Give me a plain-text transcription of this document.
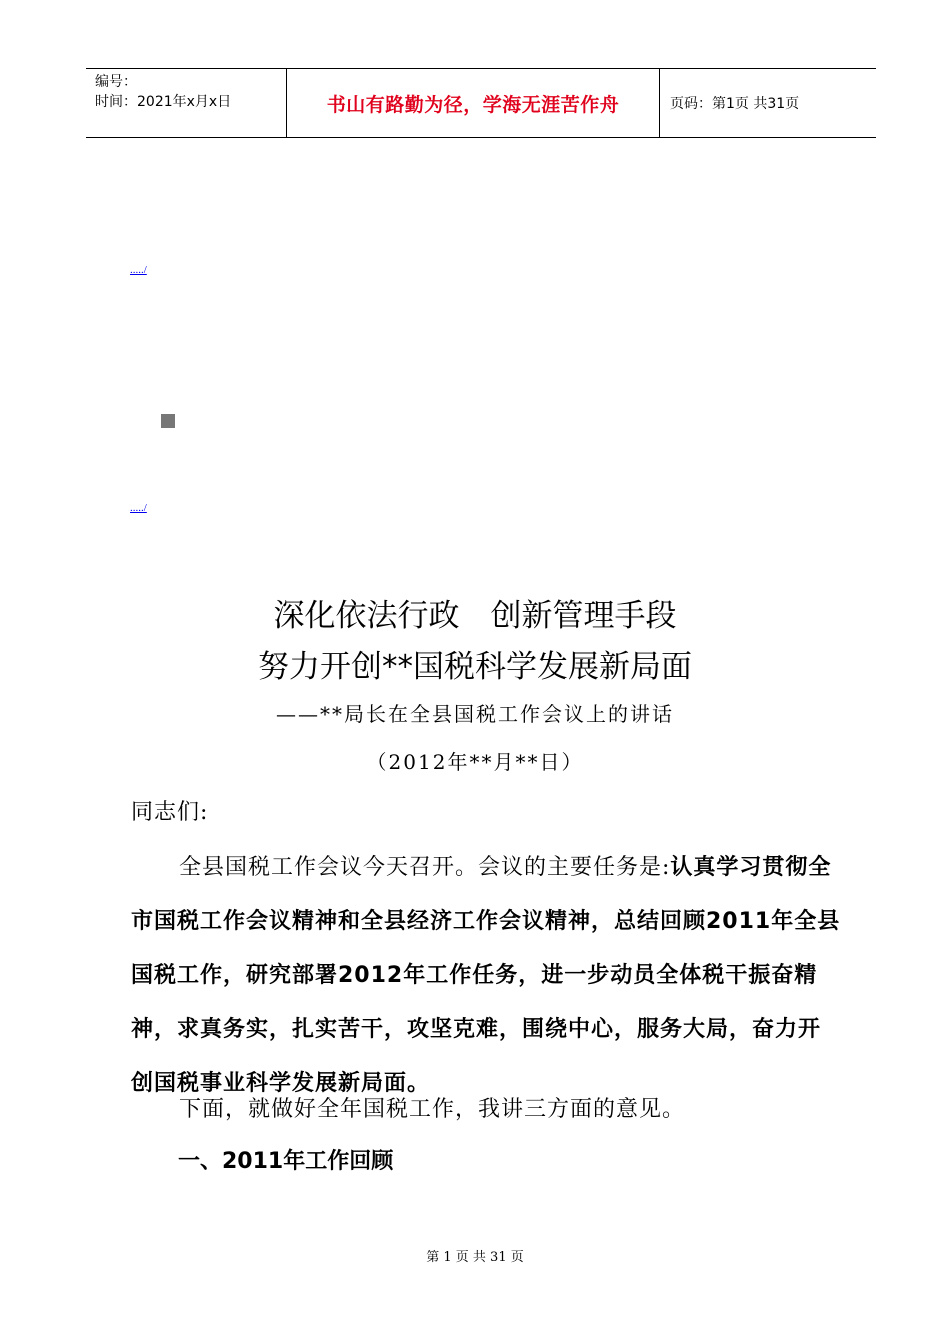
编号：
时间：2021年x月x日	书山有路勤为径，学海无涯苦作舟	页码：第1页 共31页
...../
...../
深化依法行政　创新管理手段
努力开创**国税科学发展新局面
——**局长在全县国税工作会议上的讲话
（2012年**月**日）
同志们:
全县国税工作会议今天召开。会议的主要任务是:认真学习贯彻全市国税工作会议精神和全县经济工作会议精神，总结回顾2011年全县国税工作，研究部署2012年工作任务，进一步动员全体税干振奋精神，求真务实，扎实苦干，攻坚克难，围绕中心，服务大局，奋力开创国税事业科学发展新局面。
下面，就做好全年国税工作，我讲三方面的意见。
一、2011年工作回顾
第 1 页 共 31 页
